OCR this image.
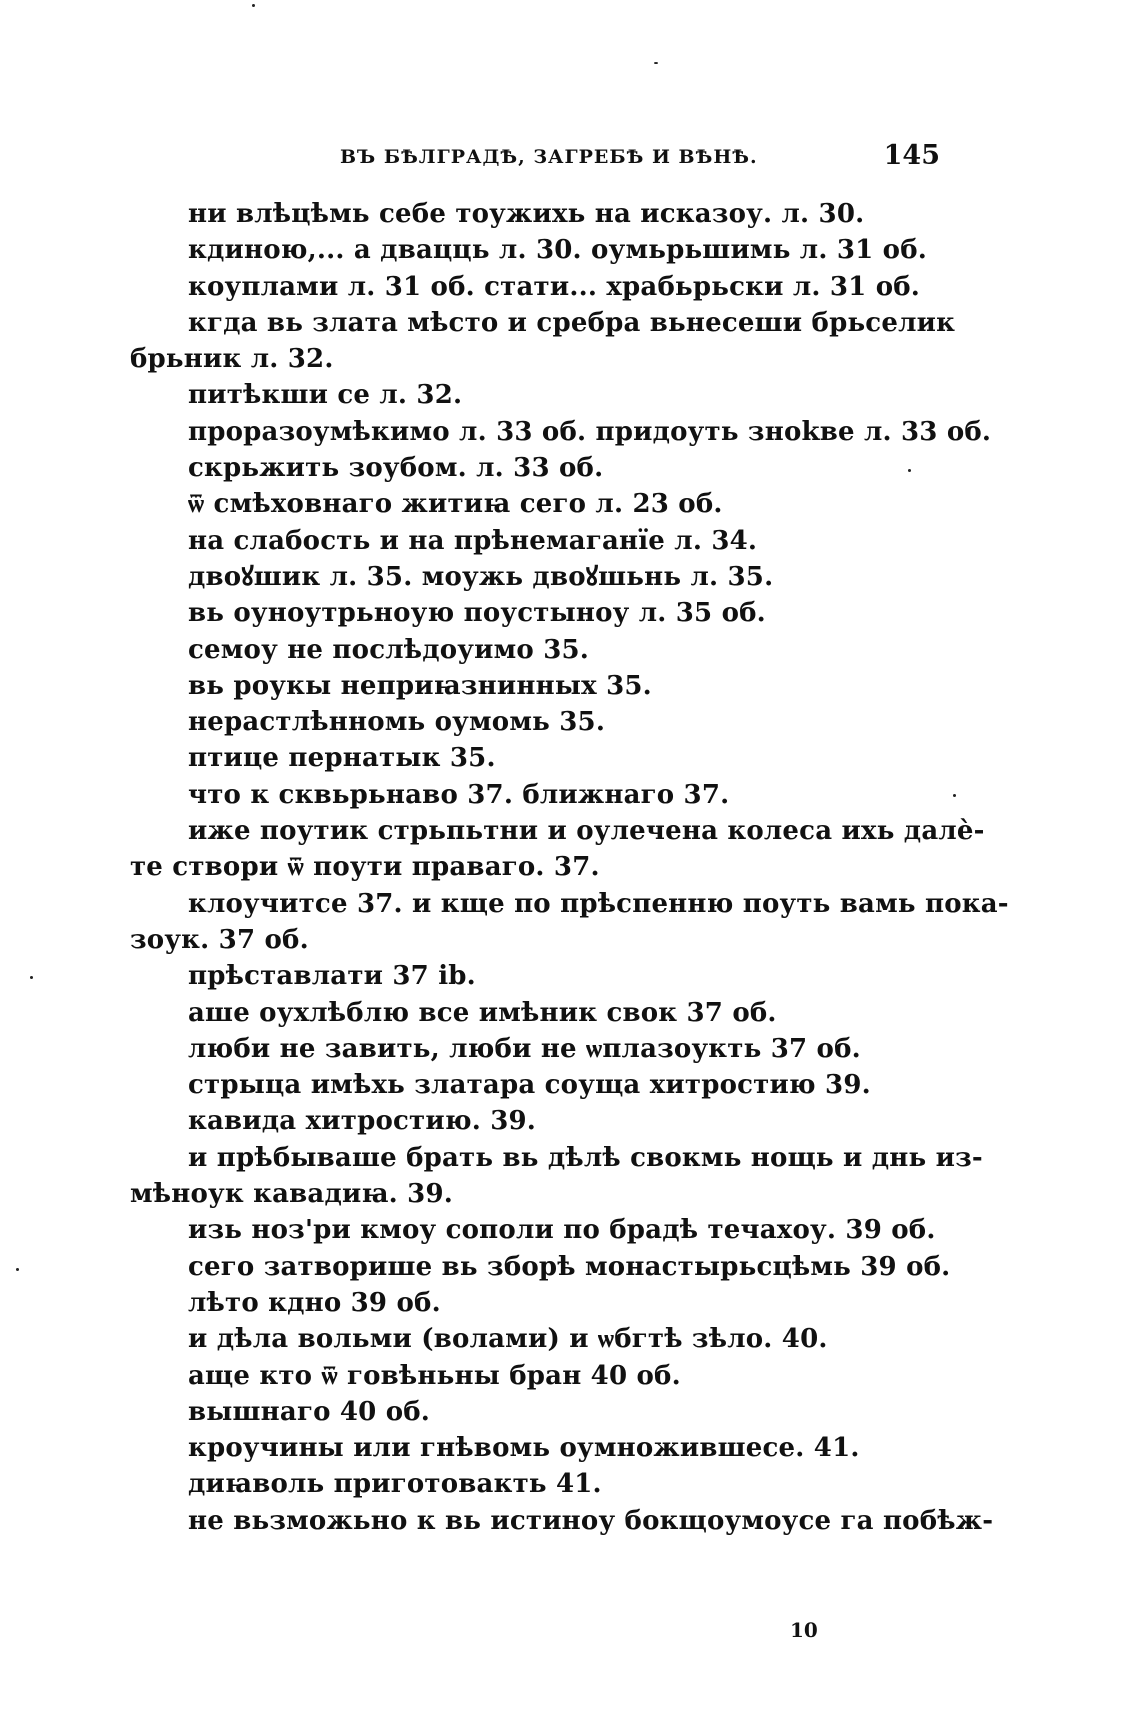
ВЪ БѢЛГРАДѢ, ЗАГРЕБѢ И ВѢНѢ.	145
ни влѣцѣмь себе тоужихь на исказоу. л. 30.
кдиною,... а двацць л. 30. оумьрьшимь л. 31 об.
коуплами л. 31 об. стати... храбьрьски л. 31 об.
кгда вь злата мѣсто и сребра вьнесеши брьселик
брьник л. 32.
питѣкши се л. 32.
проразоумѣкимо л. 33 об. придоуть зноkве л. 33 об.
скрьжить зоубом. л. 33 об.
ѿ смѣховнаго житиꙗ сего л. 23 об.
на слабость и на прѣнемаганїе л. 34.
двоꙋшик л. 35. моужь двоꙋшьнь л. 35.
вь оуноутрьноую поустыноу л. 35 об.
семоу не послѣдоуимо 35.
вь роукы неприꙗзнинных 35.
нерастлѣнномь оумомь 35.
птице пернатык 35.
что к сквьрьнаво 37. ближнаго 37.
иже поутик стрьпьтни и оулечена колеса ихь далѐ-
те створи ѿ поути праваго. 37.
клоучитсе 37. и кще по прѣспенню поуть вамь пока-
зоук. 37 об.
прѣставлати 37 ib.
аше оухлѣблю все имѣник свок 37 об.
люби не завить, люби не ѡплазоукть 37 об.
стрыца имѣхь златара соуща хитростию 39.
кавида хитростию. 39.
и прѣбываше брать вь дѣлѣ свокмь нощь и днь из-
мѣноук кавадиꙗ. 39.
изь ноз'ри кмоу сополи по брадѣ течахоу. 39 об.
сего затворише вь зборѣ монастырьсцѣмь 39 об.
лѣто кдно 39 об.
и дѣла вольми (волами) и ѡбгтѣ зѣло. 40.
аще кто ѿ говѣньны бран 40 об.
вышнаго 40 об.
кроучины или гнѣвомь оумножившесе. 41.
диꙗволь приготовакть 41.
не вьзможьно к вь истиноу бокщоумоусе га побѣж-
10
